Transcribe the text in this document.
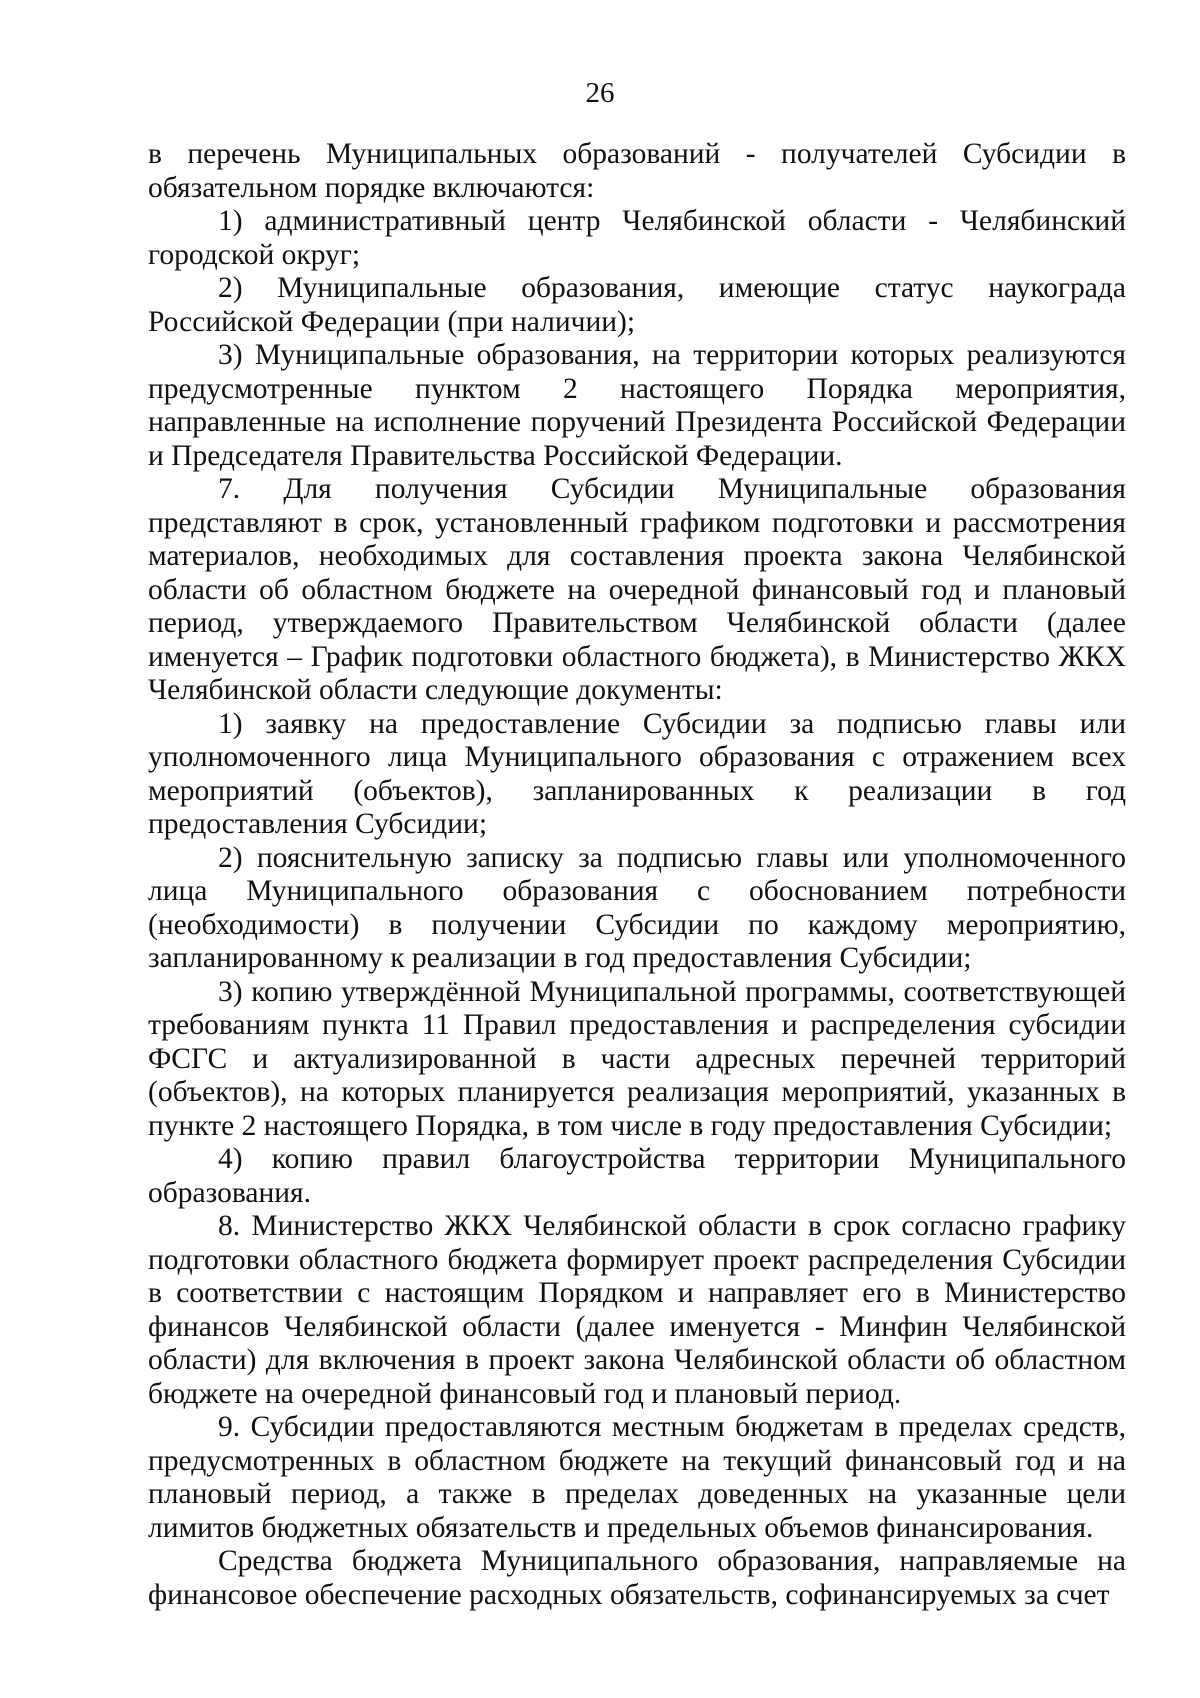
26

в перечень Муниципальных образований - получателей Субсидии в обязательном порядке включаются:

1) административный центр Челябинской области - Челябинский городской округ;

2) Муниципальные образования, имеющие статус наукограда Российской Федерации (при наличии);

3) Муниципальные образования, на территории которых реализуются предусмотренные пунктом 2 настоящего Порядка мероприятия, направленные на исполнение поручений Президента Российской Федерации и Председателя Правительства Российской Федерации.

7. Для получения Субсидии Муниципальные образования представляют в срок, установленный графиком подготовки и рассмотрения материалов, необходимых для составления проекта закона Челябинской области об областном бюджете на очередной финансовый год и плановый период, утверждаемого Правительством Челябинской области (далее именуется – График подготовки областного бюджета), в Министерство ЖКХ Челябинской области следующие документы:

1) заявку на предоставление Субсидии за подписью главы или уполномоченного лица Муниципального образования с отражением всех мероприятий (объектов), запланированных к реализации в год предоставления Субсидии;

2) пояснительную записку за подписью главы или уполномоченного лица Муниципального образования с обоснованием потребности (необходимости) в получении Субсидии по каждому мероприятию, запланированному к реализации в год предоставления Субсидии;

3) копию утверждённой Муниципальной программы, соответствующей требованиям пункта 11 Правил предоставления и распределения субсидии ФСГС и актуализированной в части адресных перечней территорий (объектов), на которых планируется реализация мероприятий, указанных в пункте 2 настоящего Порядка, в том числе в году предоставления Субсидии;

4) копию правил благоустройства территории Муниципального образования.

8. Министерство ЖКХ Челябинской области в срок согласно графику подготовки областного бюджета формирует проект распределения Субсидии в соответствии с настоящим Порядком и направляет его в Министерство финансов Челябинской области (далее именуется - Минфин Челябинской области) для включения в проект закона Челябинской области об областном бюджете на очередной финансовый год и плановый период.

9. Субсидии предоставляются местным бюджетам в пределах средств, предусмотренных в областном бюджете на текущий финансовый год и на плановый период, а также в пределах доведенных на указанные цели лимитов бюджетных обязательств и предельных объемов финансирования.

Средства бюджета Муниципального образования, направляемые на финансовое обеспечение расходных обязательств, софинансируемых за счет
